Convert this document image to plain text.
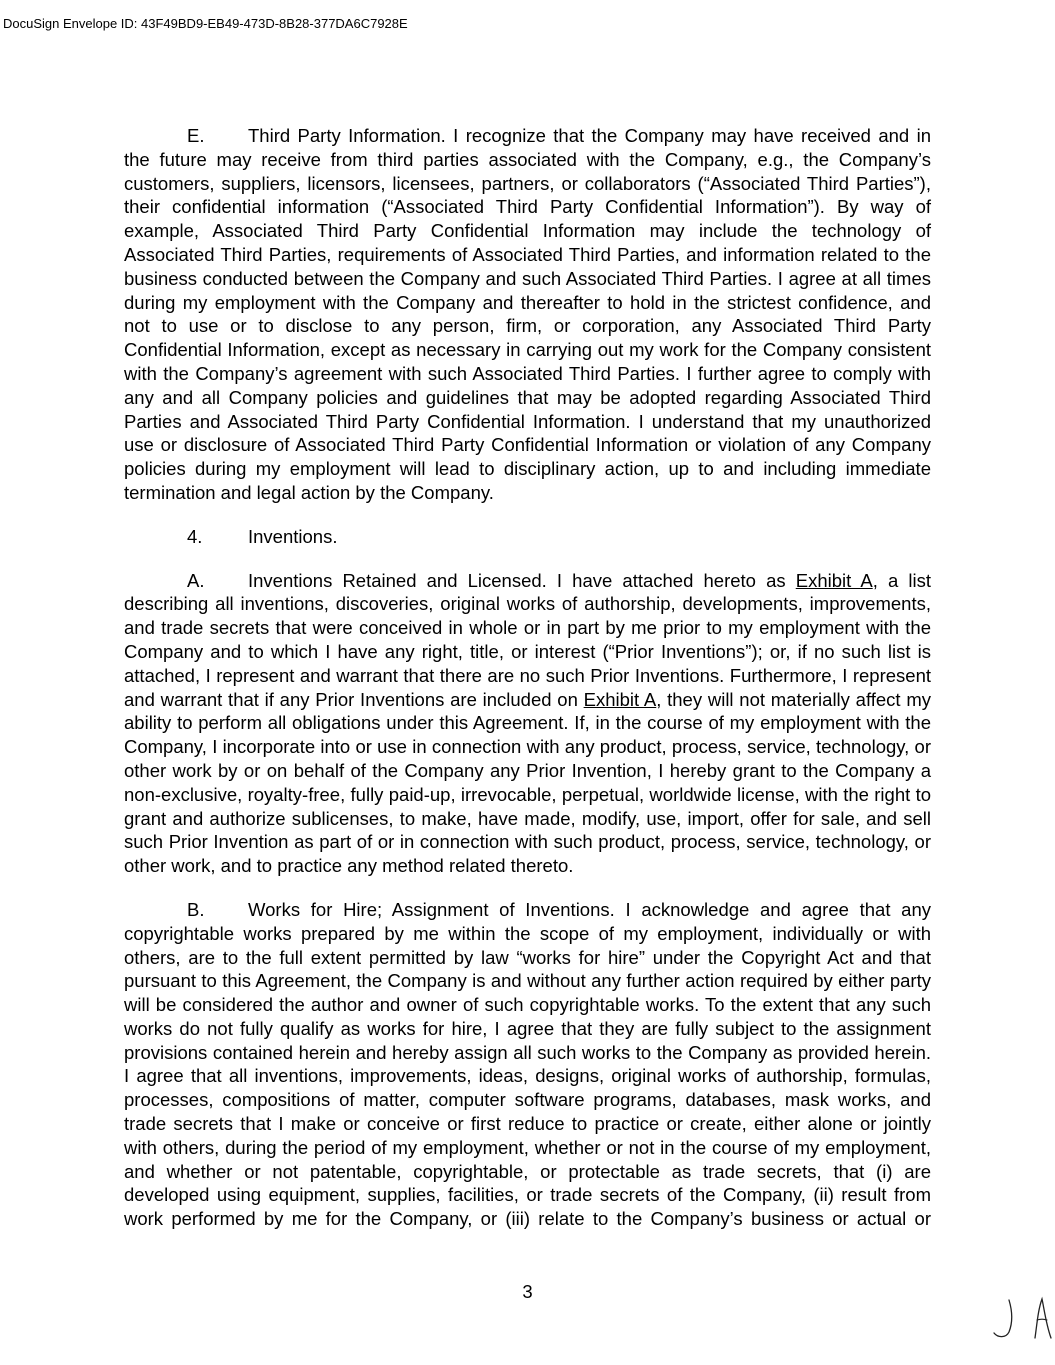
DocuSign Envelope ID: 43F49BD9-EB49-473D-8B28-377DA6C7928E

E. Third Party Information. I recognize that the Company may have received and in the future may receive from third parties associated with the Company, e.g., the Company’s customers, suppliers, licensors, licensees, partners, or collaborators (“Associated Third Parties”), their confidential information (“Associated Third Party Confidential Information”). By way of example, Associated Third Party Confidential Information may include the technology of Associated Third Parties, requirements of Associated Third Parties, and information related to the business conducted between the Company and such Associated Third Parties. I agree at all times during my employment with the Company and thereafter to hold in the strictest confidence, and not to use or to disclose to any person, firm, or corporation, any Associated Third Party Confidential Information, except as necessary in carrying out my work for the Company consistent with the Company’s agreement with such Associated Third Parties. I further agree to comply with any and all Company policies and guidelines that may be adopted regarding Associated Third Parties and Associated Third Party Confidential Information. I understand that my unauthorized use or disclosure of Associated Third Party Confidential Information or violation of any Company policies during my employment will lead to disciplinary action, up to and including immediate termination and legal action by the Company.

4. Inventions.

A. Inventions Retained and Licensed. I have attached hereto as Exhibit A, a list describing all inventions, discoveries, original works of authorship, developments, improvements, and trade secrets that were conceived in whole or in part by me prior to my employment with the Company and to which I have any right, title, or interest (“Prior Inventions”); or, if no such list is attached, I represent and warrant that there are no such Prior Inventions. Furthermore, I represent and warrant that if any Prior Inventions are included on Exhibit A, they will not materially affect my ability to perform all obligations under this Agreement. If, in the course of my employment with the Company, I incorporate into or use in connection with any product, process, service, technology, or other work by or on behalf of the Company any Prior Invention, I hereby grant to the Company a non-exclusive, royalty-free, fully paid-up, irrevocable, perpetual, worldwide license, with the right to grant and authorize sublicenses, to make, have made, modify, use, import, offer for sale, and sell such Prior Invention as part of or in connection with such product, process, service, technology, or other work, and to practice any method related thereto.

B. Works for Hire; Assignment of Inventions. I acknowledge and agree that any copyrightable works prepared by me within the scope of my employment, individually or with others, are to the full extent permitted by law “works for hire” under the Copyright Act and that pursuant to this Agreement, the Company is and without any further action required by either party will be considered the author and owner of such copyrightable works. To the extent that any such works do not fully qualify as works for hire, I agree that they are fully subject to the assignment provisions contained herein and hereby assign all such works to the Company as provided herein. I agree that all inventions, improvements, ideas, designs, original works of authorship, formulas, processes, compositions of matter, computer software programs, databases, mask works, and trade secrets that I make or conceive or first reduce to practice or create, either alone or jointly with others, during the period of my employment, whether or not in the course of my employment, and whether or not patentable, copyrightable, or protectable as trade secrets, that (i) are developed using equipment, supplies, facilities, or trade secrets of the Company, (ii) result from work performed by me for the Company, or (iii) relate to the Company’s business or actual or

3
